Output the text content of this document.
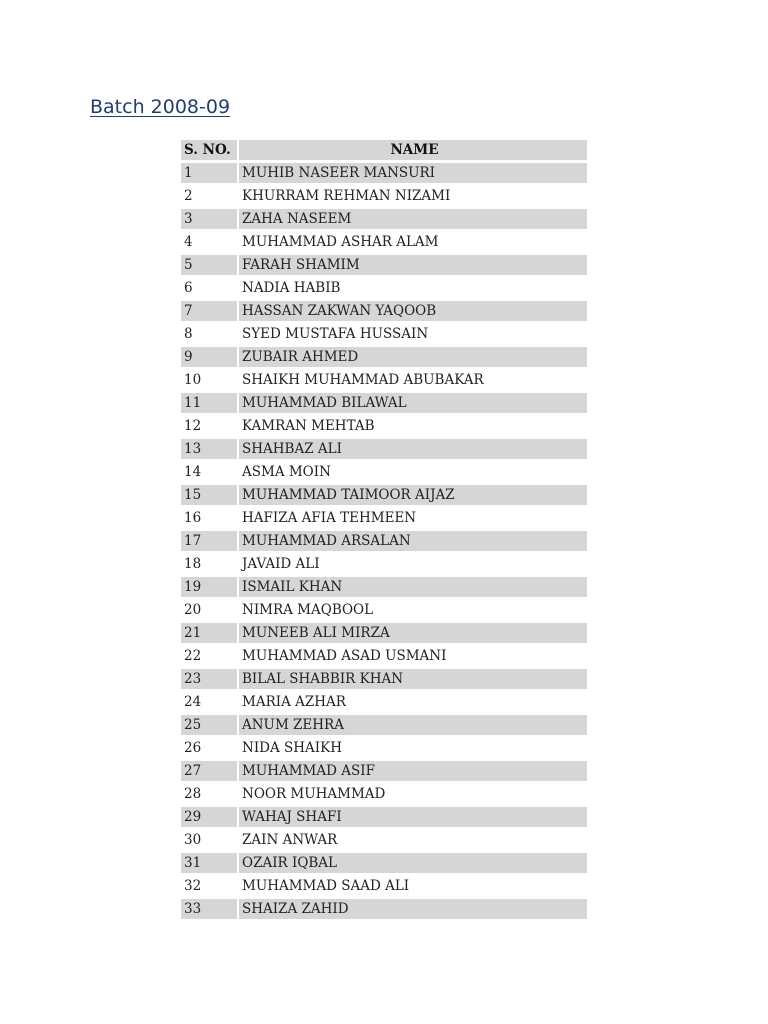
Batch 2008-09
S. NO.	NAME
1	MUHIB NASEER MANSURI
2	KHURRAM REHMAN NIZAMI
3	ZAHA NASEEM
4	MUHAMMAD ASHAR ALAM
5	FARAH SHAMIM
6	NADIA HABIB
7	HASSAN ZAKWAN YAQOOB
8	SYED MUSTAFA HUSSAIN
9	ZUBAIR AHMED
10	SHAIKH MUHAMMAD ABUBAKAR
11	MUHAMMAD BILAWAL
12	KAMRAN MEHTAB
13	SHAHBAZ ALI
14	ASMA MOIN
15	MUHAMMAD TAIMOOR AIJAZ
16	HAFIZA AFIA TEHMEEN
17	MUHAMMAD ARSALAN
18	JAVAID ALI
19	ISMAIL KHAN
20	NIMRA MAQBOOL
21	MUNEEB ALI MIRZA
22	MUHAMMAD ASAD USMANI
23	BILAL SHABBIR KHAN
24	MARIA AZHAR
25	ANUM ZEHRA
26	NIDA SHAIKH
27	MUHAMMAD ASIF
28	NOOR MUHAMMAD
29	WAHAJ SHAFI
30	ZAIN ANWAR
31	OZAIR IQBAL
32	MUHAMMAD SAAD ALI
33	SHAIZA ZAHID
